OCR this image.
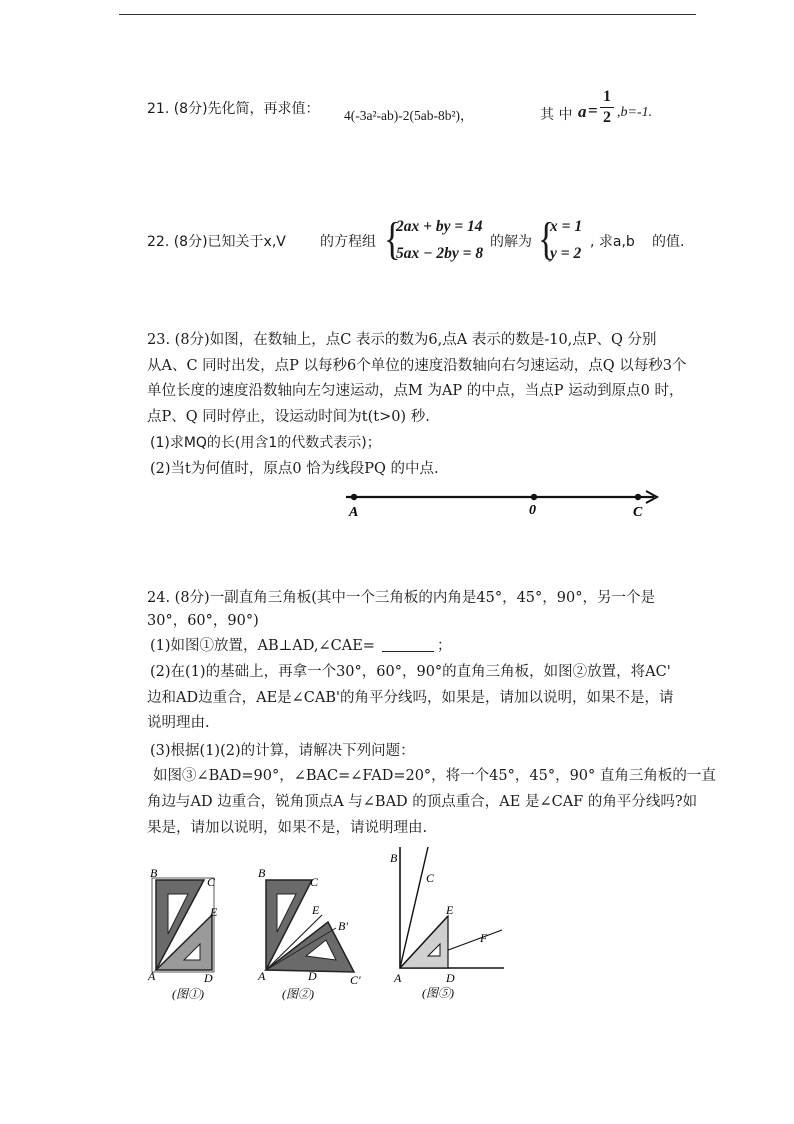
21. (8分)先化简，再求值： 4(-3a²-ab)-2(5ab-8b²)，	其 中 a =
1
2 ,b=-1.
22. (8分)已知关于x,V 的方程组 {
2ax + by = 14
5ax − 2by = 8
的解为 {
x = 1
y = 2
, 求a,b 的值.
23. (8分)如图，在数轴上，点C 表示的数为6,点A 表示的数是-10,点P、Q 分别
从A、C 同时出发，点P 以每秒6个单位的速度沿数轴向右匀速运动，点Q 以每秒3个
单位长度的速度沿数轴向左匀速运动，点M 为AP 的中点，当点P 运动到原点0 时，
点P、Q 同时停止，设运动时间为t(t>0) 秒.
(1)求MQ的长(用含1的代数式表示)；
(2)当t为何值时，原点0 恰为线段PQ 的中点.
A	0	C
24. (8分)一副直角三角板(其中一个三角板的内角是45°，45°，90°，另一个是
30°，60°，90°)
(1)如图①放置，AB⊥AD,∠CAE=	；
(2)在(1)的基础上，再拿一个30°，60°，90°的直角三角板，如图②放置，将AC'
边和AD边重合，AE是∠CAB'的角平分线吗，如果是，请加以说明，如果不是，请
说明理由.
(3)根据(1)(2)的计算，请解决下列问题：
如图③∠BAD=90°，∠BAC=∠FAD=20°，将一个45°，45°，90° 直角三角板的一直
角边与AD 边重合，锐角顶点A 与∠BAD 的顶点重合，AE 是∠CAF 的角平分线吗?如
果是，请加以说明，如果不是，请说明理由.
B
C
E
A	D
(图①)
B
C
E
B'
A	D	C'
(图②)
B
C
E
F
A	D
(图⑤)
